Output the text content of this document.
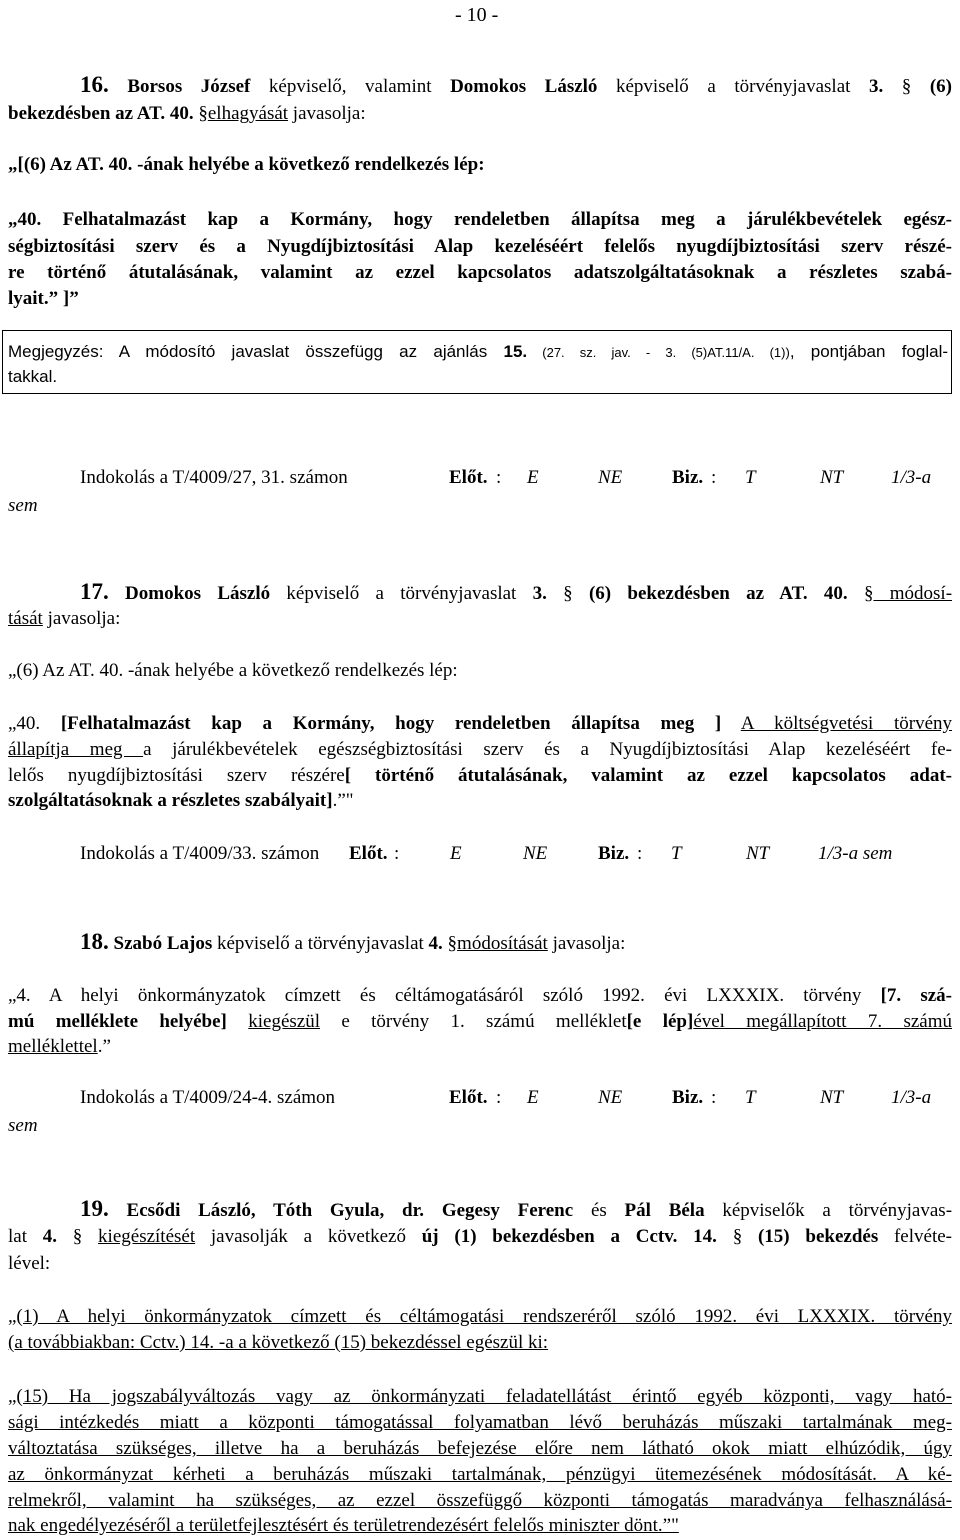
- 10 -
16. Borsos József képviselő, valamint Domokos László képviselő a törvényjavaslat 3. § (6)
bekezdésben az AT. 40. §elhagyását javasolja:
„[(6) Az AT. 40. -ának helyébe a következő rendelkezés lép:
„40. Felhatalmazást kap a Kormány, hogy rendeletben állapítsa meg a járulékbevételek egész-
ségbiztosítási szerv és a Nyugdíjbiztosítási Alap kezeléséért felelős nyugdíjbiztosítási szerv részé-
re történő átutalásának, valamint az ezzel kapcsolatos adatszolgáltatásoknak a részletes szabá-
lyait.” ]”
Megjegyzés: A módosító javaslat összefügg az ajánlás 15. (27. sz. jav. - 3. (5)AT.11/A. (1)), pontjában foglal-
takkal.
Indokolás a T/4009/27, 31. számon	Előt. : E	NE	Biz. : T	NT	1/3-a
sem
17. Domokos László képviselő a törvényjavaslat 3. § (6) bekezdésben az AT. 40. § módosí-
tását javasolja:
„(6) Az AT. 40. -ának helyébe a következő rendelkezés lép:
„40. [Felhatalmazást kap a Kormány, hogy rendeletben állapítsa meg ] A költségvetési törvény
állapítja meg a járulékbevételek egészségbiztosítási szerv és a Nyugdíjbiztosítási Alap kezeléséért fe-
lelős nyugdíjbiztosítási szerv részére[ történő átutalásának, valamint az ezzel kapcsolatos adat-
szolgáltatásoknak a részletes szabályait].”"
Indokolás a T/4009/33. számon Előt. :	E	NE	Biz. : T	NT	1/3-a sem
18. Szabó Lajos képviselő a törvényjavaslat 4. §módosítását javasolja:
„4. A helyi önkormányzatok címzett és céltámogatásáról szóló 1992. évi LXXXIX. törvény [7. szá-
mú melléklete helyébe] kiegészül e törvény 1. számú melléklet[e lép]ével megállapított 7. számú
melléklettel.”
Indokolás a T/4009/24-4. számon	Előt. : E	NE	Biz. : T	NT	1/3-a
sem
19. Ecsődi László, Tóth Gyula, dr. Gegesy Ferenc és Pál Béla képviselők a törvényjavas-
lat 4. § kiegészítését javasolják a következő új (1) bekezdésben a Cctv. 14. § (15) bekezdés felvéte-
lével:
„(1) A helyi önkormányzatok címzett és céltámogatási rendszeréről szóló 1992. évi LXXXIX. törvény
(a továbbiakban: Cctv.) 14. -a a következő (15) bekezdéssel egészül ki:
„(15) Ha jogszabályváltozás vagy az önkormányzati feladatellátást érintő egyéb központi, vagy ható-
sági intézkedés miatt a központi támogatással folyamatban lévő beruházás műszaki tartalmának meg-
változtatása szükséges, illetve ha a beruházás befejezése előre nem látható okok miatt elhúzódik, úgy
az önkormányzat kérheti a beruházás műszaki tartalmának, pénzügyi ütemezésének módosítását. A ké-
relmekről, valamint ha szükséges, az ezzel összefüggő központi támogatás maradványa felhasználásá-
nak engedélyezéséről a területfejlesztésért és területrendezésért felelős miniszter dönt.”"
